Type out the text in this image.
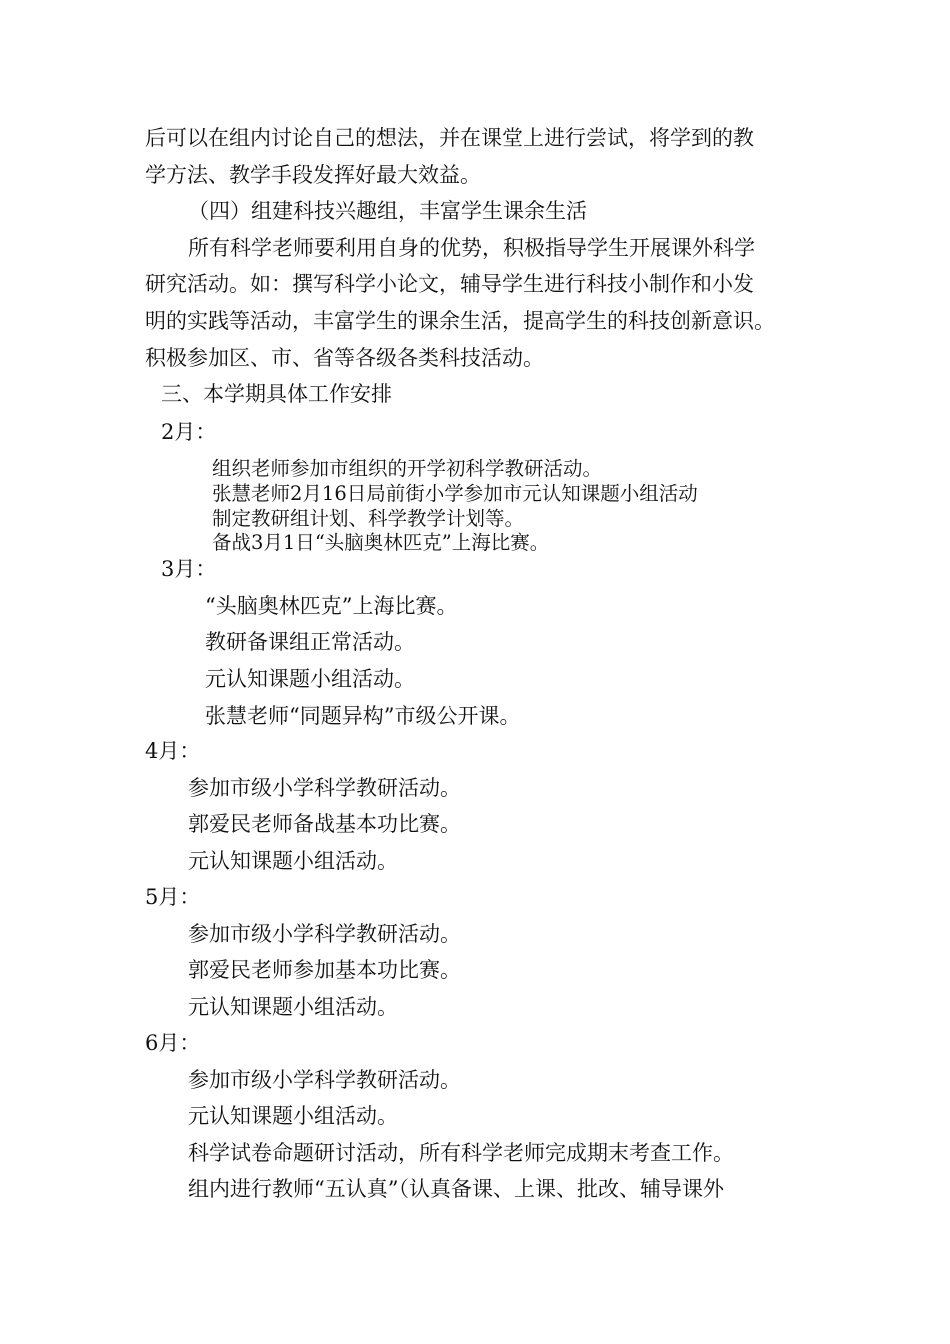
后可以在组内讨论自己的想法，并在课堂上进行尝试，将学到的教
学方法、教学手段发挥好最大效益。
（四）组建科技兴趣组，丰富学生课余生活
所有科学老师要利用自身的优势，积极指导学生开展课外科学
研究活动。如：撰写科学小论文，辅导学生进行科技小制作和小发
明的实践等活动，丰富学生的课余生活，提高学生的科技创新意识。
积极参加区、市、省等各级各类科技活动。
三、本学期具体工作安排
2月：
组织老师参加市组织的开学初科学教研活动。
张慧老师2月16日局前街小学参加市元认知课题小组活动
制定教研组计划、科学教学计划等。
备战3月1日“头脑奥林匹克”上海比赛。
3月：
“头脑奥林匹克”上海比赛。
教研备课组正常活动。
元认知课题小组活动。
张慧老师“同题异构”市级公开课。
4月：
参加市级小学科学教研活动。
郭爱民老师备战基本功比赛。
元认知课题小组活动。
5月：
参加市级小学科学教研活动。
郭爱民老师参加基本功比赛。
元认知课题小组活动。
6月：
参加市级小学科学教研活动。
元认知课题小组活动。
科学试卷命题研讨活动，所有科学老师完成期末考查工作。
组内进行教师“五认真”（认真备课、上课、批改、辅导课外
